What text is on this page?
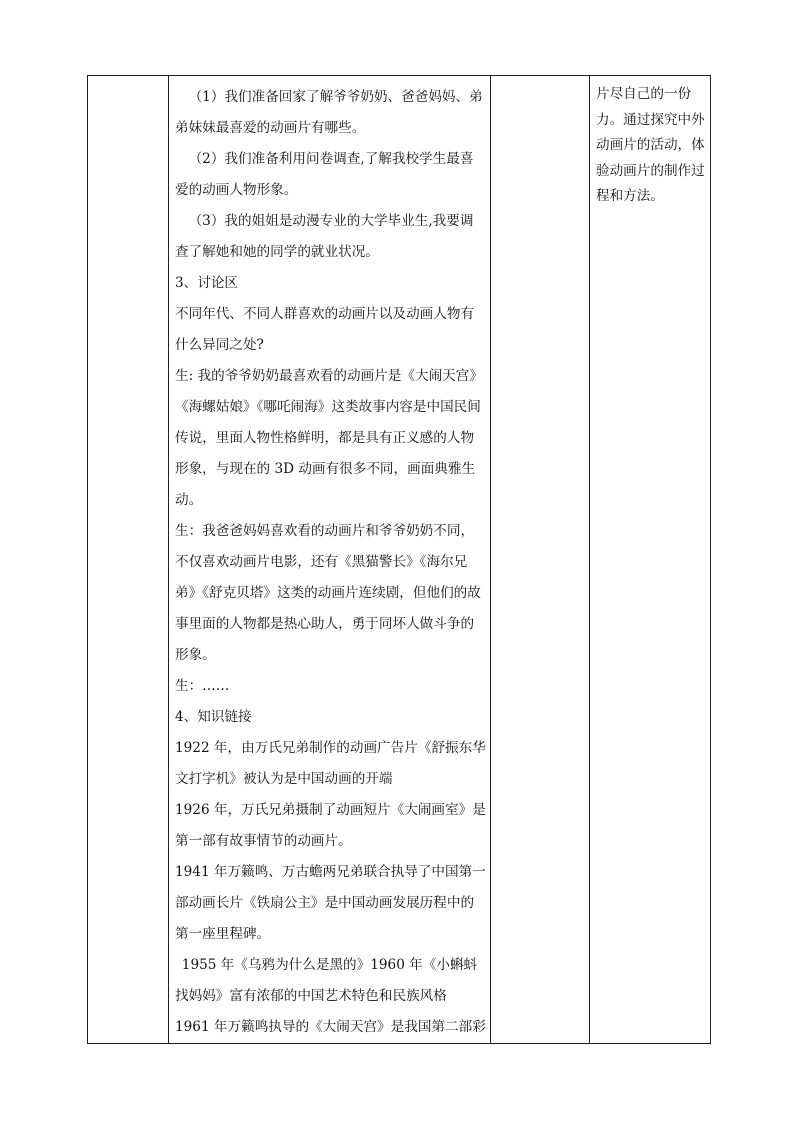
（1）我们准备回家了解爷爷奶奶、爸爸妈妈、弟弟妹妹最喜爱的动画片有哪些。

（2）我们准备利用问卷调查,了解我校学生最喜爱的动画人物形象。

（3）我的姐姐是动漫专业的大学毕业生,我要调查了解她和她的同学的就业状况。

3、讨论区

不同年代、不同人群喜欢的动画片以及动画人物有什么异同之处?

生: 我的爷爷奶奶最喜欢看的动画片是《大闹天宫》《海螺姑娘》《哪吒闹海》这类故事内容是中国民间传说，里面人物性格鲜明，都是具有正义感的人物形象，与现在的 3D 动画有很多不同，画面典雅生动。

生：我爸爸妈妈喜欢看的动画片和爷爷奶奶不同，不仅喜欢动画片电影，还有《黑猫警长》《海尔兄弟》《舒克贝塔》这类的动画片连续剧，但他们的故事里面的人物都是热心助人，勇于同坏人做斗争的形象。

生：……

4、知识链接

1922 年，由万氏兄弟制作的动画广告片《舒振东华文打字机》被认为是中国动画的开端

1926 年，万氏兄弟摄制了动画短片《大闹画室》是第一部有故事情节的动画片。

1941 年万籁鸣、万古蟾两兄弟联合执导了中国第一部动画长片《铁扇公主》是中国动画发展历程中的第一座里程碑。

1955 年《乌鸦为什么是黑的》1960 年《小蝌蚪找妈妈》富有浓郁的中国艺术特色和民族风格

1961 年万籁鸣执导的《大闹天宫》是我国第二部彩

片尽自己的一份力。通过探究中外动画片的活动，体验动画片的制作过程和方法。
